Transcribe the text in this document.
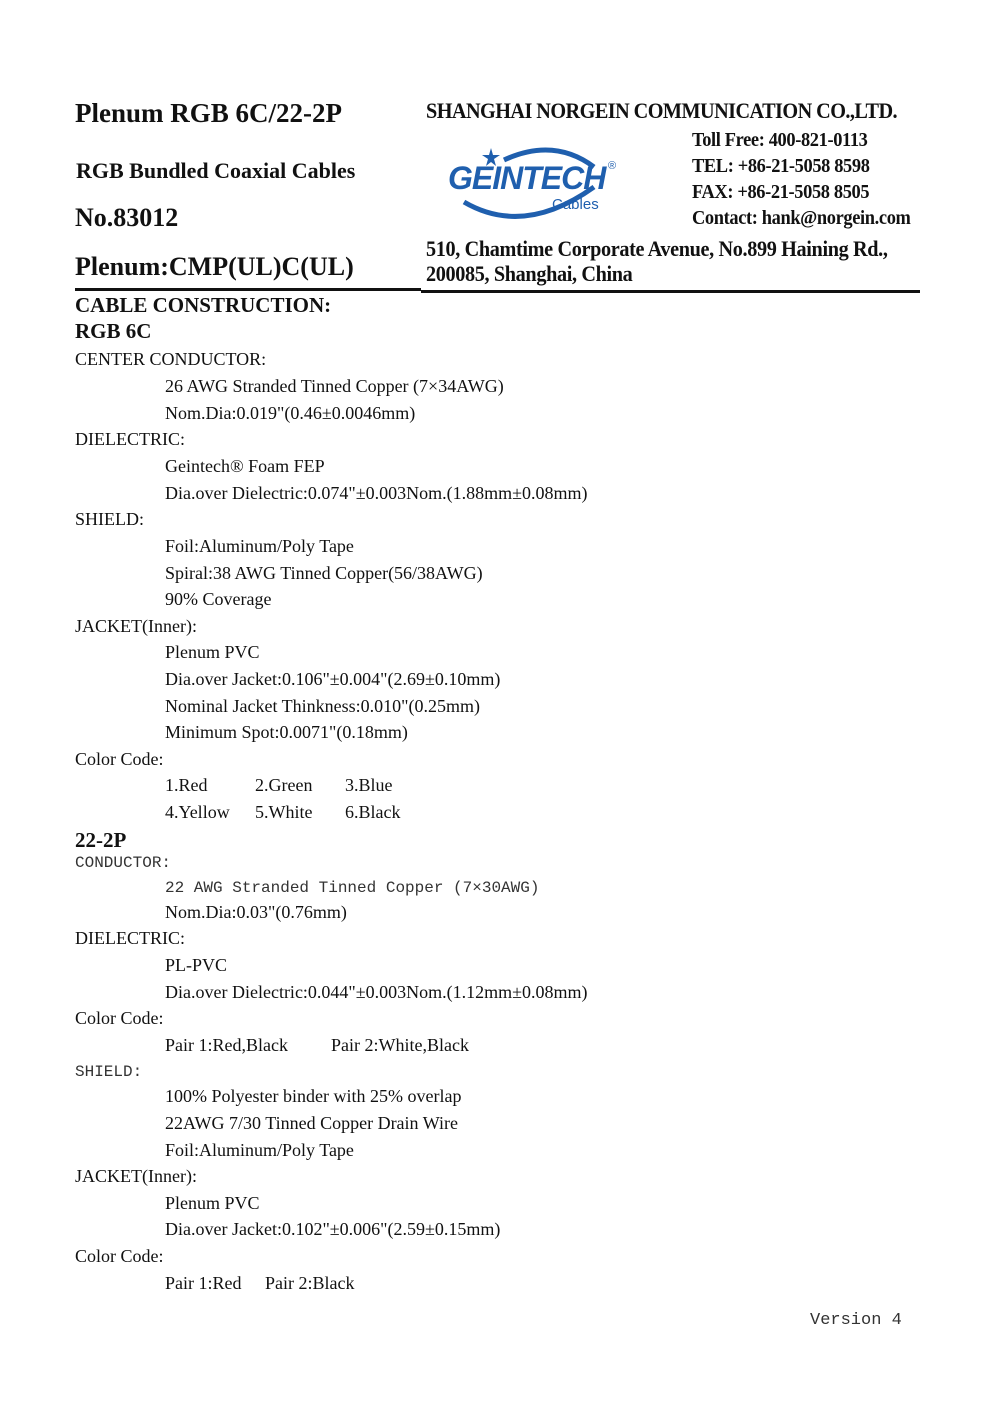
Plenum RGB 6C/22-2P
RGB Bundled Coaxial Cables
No.83012
Plenum:CMP(UL)C(UL)
SHANGHAI NORGEIN COMMUNICATION CO.,LTD.
GEINTECH ®
Cables
Toll Free: 400-821-0113
TEL: +86-21-5058 8598
FAX: +86-21-5058 8505
Contact: hank@norgein.com
510, Chamtime Corporate Avenue, No.899 Haining Rd.,
200085, Shanghai, China
CABLE CONSTRUCTION:
RGB 6C
CENTER CONDUCTOR:
26 AWG Stranded Tinned Copper (7×34AWG)
Nom.Dia:0.019"(0.46±0.0046mm)
DIELECTRIC:
Geintech® Foam FEP
Dia.over Dielectric:0.074"±0.003Nom.(1.88mm±0.08mm)
SHIELD:
Foil:Aluminum/Poly Tape
Spiral:38 AWG Tinned Copper(56/38AWG)
90% Coverage
JACKET(Inner):
Plenum PVC
Dia.over Jacket:0.106"±0.004"(2.69±0.10mm)
Nominal Jacket Thinkness:0.010"(0.25mm)
Minimum Spot:0.0071"(0.18mm)
Color Code:
1.Red	2.Green 3.Blue
4.Yellow 5.White 6.Black
22-2P
CONDUCTOR:
22 AWG Stranded Tinned Copper (7×30AWG)
Nom.Dia:0.03"(0.76mm)
DIELECTRIC:
PL-PVC
Dia.over Dielectric:0.044"±0.003Nom.(1.12mm±0.08mm)
Color Code:
Pair 1:Red,Black Pair 2:White,Black
SHIELD:
100% Polyester binder with 25% overlap
22AWG 7/30 Tinned Copper Drain Wire
Foil:Aluminum/Poly Tape
JACKET(Inner):
Plenum PVC
Dia.over Jacket:0.102"±0.006"(2.59±0.15mm)
Color Code:
Pair 1:Red Pair 2:Black
Version 4
